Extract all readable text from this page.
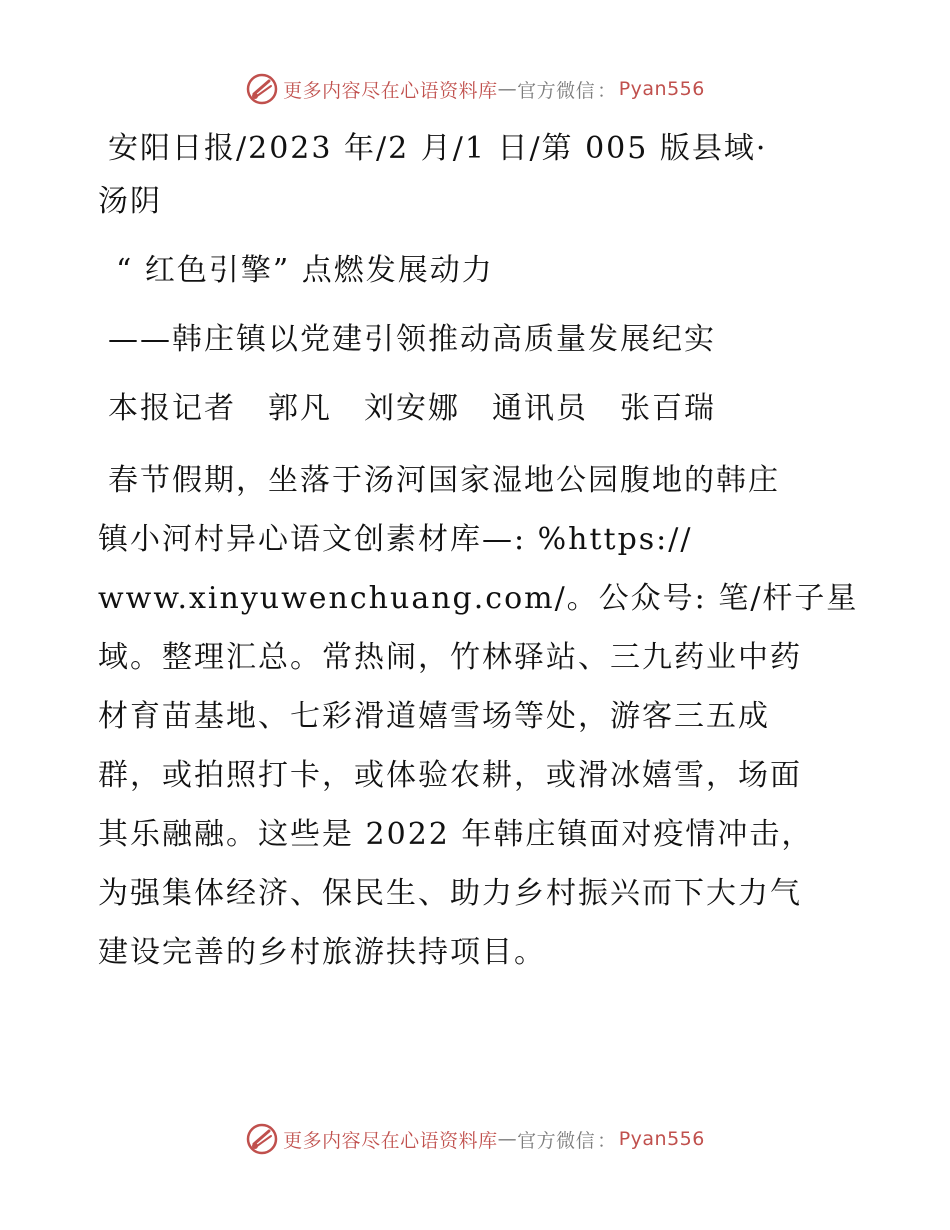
更多内容尽在心语资料库 — 官方微信 ： Pyan556
安阳日报/2023 年/2 月/1 日/第 005 版县域·
汤阴
“ 红色引擎” 点燃发展动力
——韩庄镇以党建引领推动高质量发展纪实
本报记者　郭凡　刘安娜　通讯员　张百瑞
春节假期，坐落于汤河国家湿地公园腹地的韩庄
镇小河村异心语文创素材库—: %https://
www.xinyuwenchuang.com/。公众号: 笔/杆子星
域。整理汇总。常热闹，竹林驿站、三九药业中药
材育苗基地、七彩滑道嬉雪场等处，游客三五成
群，或拍照打卡，或体验农耕，或滑冰嬉雪，场面
其乐融融。这些是 2022 年韩庄镇面对疫情冲击，
为强集体经济、保民生、助力乡村振兴而下大力气
建设完善的乡村旅游扶持项目。
更多内容尽在心语资料库 — 官方微信 ： Pyan556
